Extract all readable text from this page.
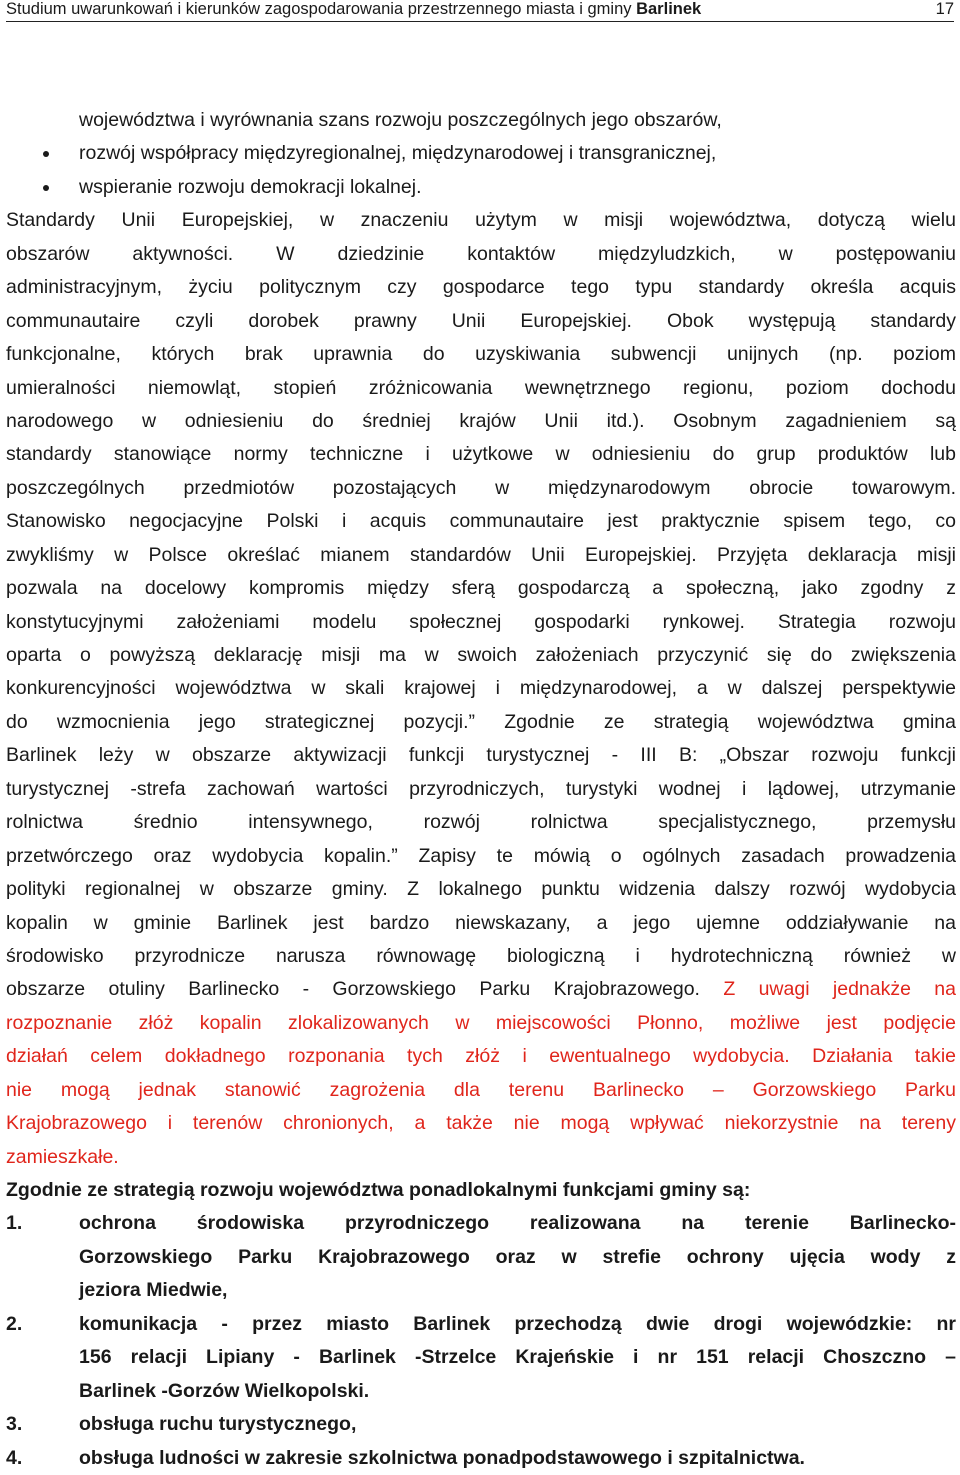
Studium uwarunkowań i kierunków zagospodarowania przestrzennego miasta i gminy Barlinek	17
województwa i wyrównania szans rozwoju poszczególnych jego obszarów,
rozwój współpracy międzyregionalnej, międzynarodowej i transgranicznej,
wspieranie rozwoju demokracji lokalnej.
Standardy Unii Europejskiej, w znaczeniu użytym w misji województwa, dotyczą wielu
obszarów aktywności. W dziedzinie kontaktów międzyludzkich, w postępowaniu
administracyjnym, życiu politycznym czy gospodarce tego typu standardy określa acquis
communautaire czyli dorobek prawny Unii Europejskiej. Obok występują standardy
funkcjonalne, których brak uprawnia do uzyskiwania subwencji unijnych (np. poziom
umieralności niemowląt, stopień zróżnicowania wewnętrznego regionu, poziom dochodu
narodowego w odniesieniu do średniej krajów Unii itd.). Osobnym zagadnieniem są
standardy stanowiące normy techniczne i użytkowe w odniesieniu do grup produktów lub
poszczególnych przedmiotów pozostających w międzynarodowym obrocie towarowym.
Stanowisko negocjacyjne Polski i acquis communautaire jest praktycznie spisem tego, co
zwykliśmy w Polsce określać mianem standardów Unii Europejskiej. Przyjęta deklaracja misji
pozwala na docelowy kompromis między sferą gospodarczą a społeczną, jako zgodny z
konstytucyjnymi założeniami modelu społecznej gospodarki rynkowej. Strategia rozwoju
oparta o powyższą deklarację misji ma w swoich założeniach przyczynić się do zwiększenia
konkurencyjności województwa w skali krajowej i międzynarodowej, a w dalszej perspektywie
do wzmocnienia jego strategicznej pozycji.” Zgodnie ze strategią województwa gmina
Barlinek leży w obszarze aktywizacji funkcji turystycznej - III B: „Obszar rozwoju funkcji
turystycznej -strefa zachowań wartości przyrodniczych, turystyki wodnej i lądowej, utrzymanie
rolnictwa średnio intensywnego, rozwój rolnictwa specjalistycznego, przemysłu
przetwórczego oraz wydobycia kopalin.” Zapisy te mówią o ogólnych zasadach prowadzenia
polityki regionalnej w obszarze gminy. Z lokalnego punktu widzenia dalszy rozwój wydobycia
kopalin w gminie Barlinek jest bardzo niewskazany, a jego ujemne oddziaływanie na
środowisko przyrodnicze narusza równowagę biologiczną i hydrotechniczną również w
obszarze otuliny Barlinecko - Gorzowskiego Parku Krajobrazowego. Z uwagi jednakże na
rozpoznanie złóż kopalin zlokalizowanych w miejscowości Płonno, możliwe jest podjęcie
działań celem dokładnego rozponania tych złóż i ewentualnego wydobycia. Działania takie
nie mogą jednak stanowić zagrożenia dla terenu Barlinecko – Gorzowskiego Parku
Krajobrazowego i terenów chronionych, a także nie mogą wpływać niekorzystnie na tereny
zamieszkałe.
Zgodnie ze strategią rozwoju województwa ponadlokalnymi funkcjami gminy są:
1.	ochrona środowiska przyrodniczego realizowana na terenie Barlinecko-
Gorzowskiego Parku Krajobrazowego oraz w strefie ochrony ujęcia wody z
jeziora Miedwie,
2.	komunikacja - przez miasto Barlinek przechodzą dwie drogi wojewódzkie: nr
156 relacji Lipiany - Barlinek -Strzelce Krajeńskie i nr 151 relacji Choszczno –
Barlinek -Gorzów Wielkopolski.
3.	obsługa ruchu turystycznego,
4.	obsługa ludności w zakresie szkolnictwa ponadpodstawowego i szpitalnictwa.
